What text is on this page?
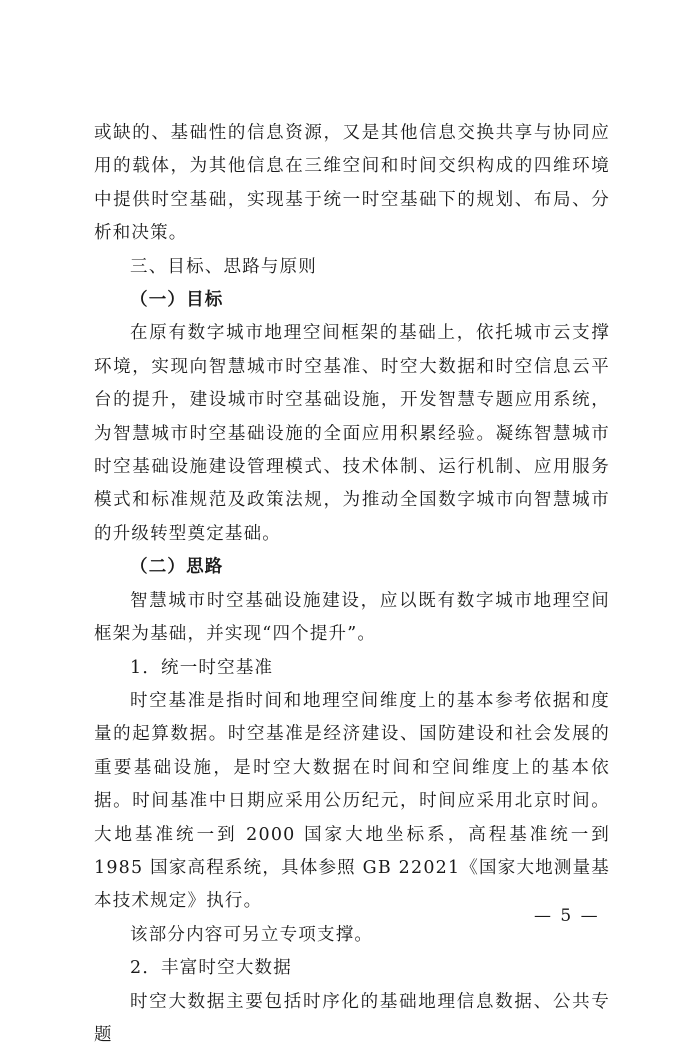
或缺的、基础性的信息资源，又是其他信息交换共享与协同应用的载体，为其他信息在三维空间和时间交织构成的四维环境中提供时空基础，实现基于统一时空基础下的规划、布局、分析和决策。

三、目标、思路与原则

（一）目标

在原有数字城市地理空间框架的基础上，依托城市云支撑环境，实现向智慧城市时空基准、时空大数据和时空信息云平台的提升，建设城市时空基础设施，开发智慧专题应用系统，为智慧城市时空基础设施的全面应用积累经验。凝练智慧城市时空基础设施建设管理模式、技术体制、运行机制、应用服务模式和标准规范及政策法规，为推动全国数字城市向智慧城市的升级转型奠定基础。

（二）思路

智慧城市时空基础设施建设，应以既有数字城市地理空间框架为基础，并实现“四个提升”。

1．统一时空基准

时空基准是指时间和地理空间维度上的基本参考依据和度量的起算数据。时空基准是经济建设、国防建设和社会发展的重要基础设施，是时空大数据在时间和空间维度上的基本依据。时间基准中日期应采用公历纪元，时间应采用北京时间。大地基准统一到 2000 国家大地坐标系，高程基准统一到 1985 国家高程系统，具体参照 GB 22021《国家大地测量基本技术规定》执行。

该部分内容可另立专项支撑。

2．丰富时空大数据

时空大数据主要包括时序化的基础地理信息数据、公共专题

— 5 —
